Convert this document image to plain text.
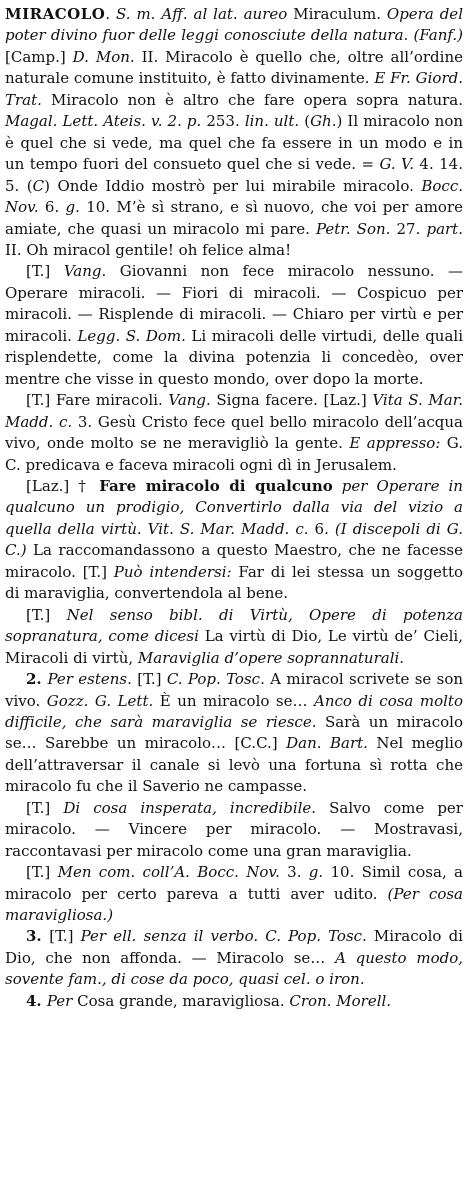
MIRACOLO. S. m. Aff. al lat. aureo Miraculum. Opera del poter divino fuor delle leggi conosciute della natura. (Fanf.) [Camp.] D. Mon. II. Miracolo è quello che, oltre all’ordine naturale comune instituito, è fatto divinamente. E Fr. Giord. Trat. Miracolo non è altro che fare opera sopra natura. Magal. Lett. Ateis. v. 2. p. 253. lin. ult. (Gh.) Il miracolo non è quel che si vede, ma quel che fa essere in un modo e in un tempo fuori del consueto quel che si vede. = G. V. 4. 14. 5. (C) Onde Iddio mostrò per lui mirabile miracolo. Bocc. Nov. 6. g. 10. M’è sì strano, e sì nuovo, che voi per amore amiate, che quasi un miracolo mi pare. Petr. Son. 27. part. II. Oh miracol gentile! oh felice alma!

[T.] Vang. Giovanni non fece miracolo nessuno. — Operare miracoli. — Fiori di miracoli. — Cospicuo per miracoli. — Risplende di miracoli. — Chiaro per virtù e per miracoli. Legg. S. Dom. Li miracoli delle virtudi, delle quali risplendette, come la divina potenzia li concedèo, over mentre che visse in questo mondo, over dopo la morte.

[T.] Fare miracoli. Vang. Signa facere. [Laz.] Vita S. Mar. Madd. c. 3. Gesù Cristo fece quel bello miracolo dell’acqua vivo, onde molto se ne meravigliò la gente. E appresso: G. C. predicava e faceva miracoli ogni dì in Jerusalem.

[Laz.] † Fare miracolo di qualcuno per Operare in qualcuno un prodigio, Convertirlo dalla via del vizio a quella della virtù. Vit. S. Mar. Madd. c. 6. (I discepoli di G. C.) La raccomandassono a questo Maestro, che ne facesse miracolo. [T.] Può intendersi: Far di lei stessa un soggetto di maraviglia, convertendola al bene.

[T.] Nel senso bibl. di Virtù, Opere di potenza sopranatura, come dicesi La virtù di Dio, Le virtù de’ Cieli, Miracoli di virtù, Maraviglia d’opere soprannaturali.

2. Per estens. [T.] C. Pop. Tosc. A miracol scrivete se son vivo. Gozz. G. Lett. È un miracolo se… Anco di cosa molto difficile, che sarà maraviglia se riesce. Sarà un miracolo se… Sarebbe un miracolo… [C.C.] Dan. Bart. Nel meglio dell’attraversar il canale si levò una fortuna sì rotta che miracolo fu che il Saverio ne campasse.

[T.] Di cosa insperata, incredibile. Salvo come per miracolo. — Vincere per miracolo. — Mostravasi, raccontavasi per miracolo come una gran maraviglia.

[T.] Men com. coll’A. Bocc. Nov. 3. g. 10. Simil cosa, a miracolo per certo pareva a tutti aver udito. (Per cosa maravigliosa.)

3. [T.] Per ell. senza il verbo. C. Pop. Tosc. Miracolo di Dio, che non affonda. — Miracolo se… A questo modo, sovente fam., di cose da poco, quasi cel. o iron.

4. Per Cosa grande, maravigliosa. Cron. Morell.
